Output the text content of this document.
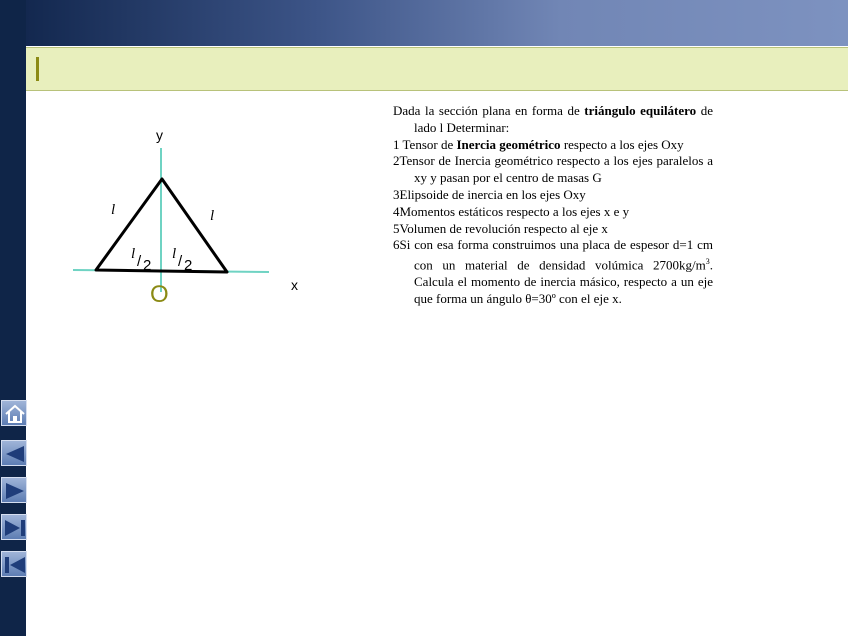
y
x
O
l	l
l / 2
l / 2

Dada la sección plana en forma de triángulo equilátero de lado l Determinar:

1 Tensor de Inercia geométrico respecto a los ejes Oxy

2Tensor de Inercia geométrico respecto a los ejes paralelos a xy y pasan por el centro de masas G

3Elipsoide de inercia en los ejes Oxy

4Momentos estáticos respecto a los ejes x e y

5Volumen de revolución respecto al eje x

6Si con esa forma construimos una placa de espesor d=1 cm con un material de densidad volúmica $2700kg/m^3$. Calcula el momento de inercia másico, respecto a un eje que forma un ángulo θ=30º con el eje x.
